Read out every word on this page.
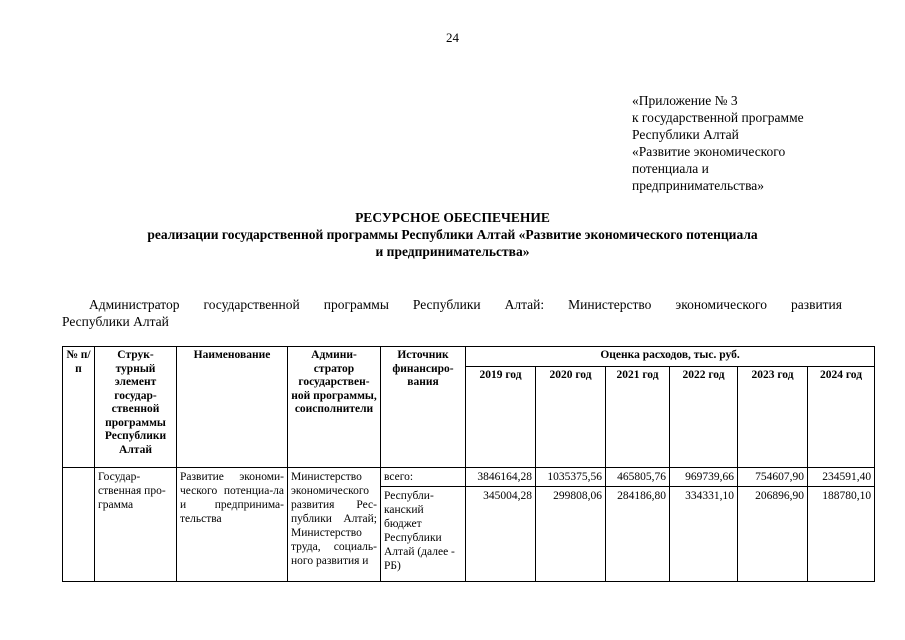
24
«Приложение № 3
к государственной программе
Республики Алтай
«Развитие экономического
потенциала и
предпринимательства»
РЕСУРСНОЕ ОБЕСПЕЧЕНИЕ
реализации государственной программы Республики Алтай «Развитие экономического потенциала
и предпринимательства»
Администратор государственной программы Республики Алтай: Министерство экономического развития
Республики Алтай
№ п/п	Струк-турный элемент государ-ственной программы Республики Алтай	Наименование	Админи-стратор государствен-ной программы, соисполнители	Источник финансиро-вания	Оценка расходов, тыс. руб.					
					2019 год	2020 год	2021 год	2022 год	2023 год	2024 год
	Государ-ственная про-грамма	Развитие экономи-ческого потенциа-ла и предпринима-тельства	Министерство экономического развития Рес-публики Алтай; Министерство труда, социаль-ного развития и	всего:	3846164,28	1035375,56	465805,76	969739,66	754607,90	234591,40
				Республи-канский бюджет Республики Алтай (далее - РБ)	345004,28	299808,06	284186,80	334331,10	206896,90	188780,10
